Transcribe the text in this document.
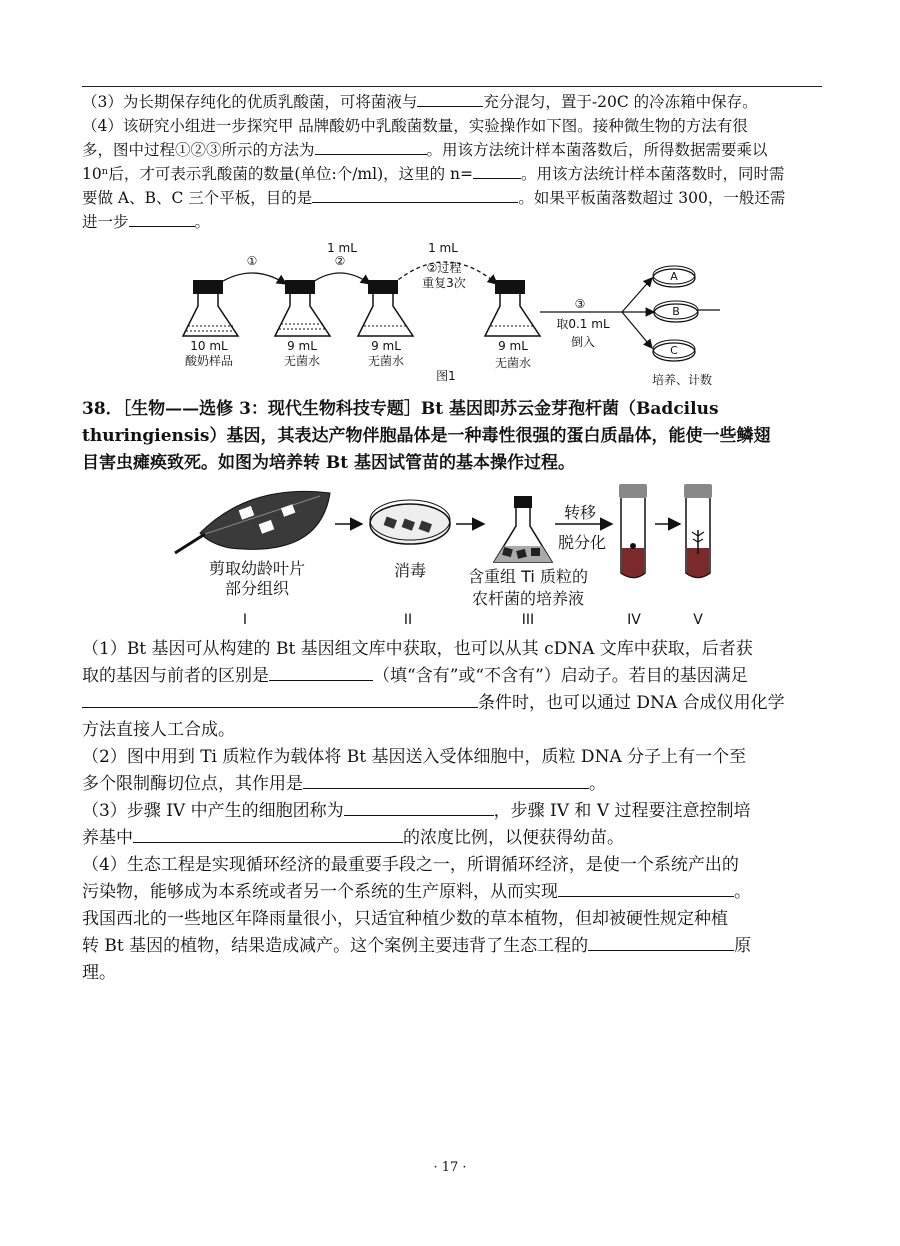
（3）为长期保存纯化的优质乳酸菌，可将菌液与	充分混匀，置于-20C 的冷冻箱中保存。
（4）该研究小组进一步探究甲 品牌酸奶中乳酸菌数量，实验操作如下图。接种微生物的方法有很
多，图中过程①②③所示的方法为	。用该方法统计样本菌落数后，所得数据需要乘以
10ⁿ后，才可表示乳酸菌的数量(单位:个/ml)，这里的 n=	。用该方法统计样本菌落数时，同时需
要做 A、B、C 三个平板，目的是	。如果平板菌落数超过 300，一般还需
进一步	。
①	②
1 mL	1 mL
②过程
重复3次
③
取0.1 mL
倒入
10 mL
酸奶样品
9 mL
无菌水
9 mL
无菌水
9 mL
无菌水
图1
A
B
C
培养、计数
38．［生物——选修 3：现代生物科技专题］Bt 基因即苏云金芽孢杆菌（Badcilus
thuringiensis）基因，其表达产物伴胞晶体是一种毒性很强的蛋白质晶体，能使一些鳞翅
目害虫瘫痪致死。如图为培养转 Bt 基因试管苗的基本操作过程。
剪取幼龄叶片
部分组织
消毒	含重组 Ti 质粒的
农杆菌的培养液
转移
脱分化
I	II	III	IV	V
（1）Bt 基因可从构建的 Bt 基因组文库中获取，也可以从其 cDNA 文库中获取，后者获
取的基因与前者的区别是	（填“含有”或“不含有”）启动子。若目的基因满足
条件时，也可以通过 DNA 合成仪用化学
方法直接人工合成。
（2）图中用到 Ti 质粒作为载体将 Bt 基因送入受体细胞中，质粒 DNA 分子上有一个至
多个限制酶切位点，其作用是	。
（3）步骤 IV 中产生的细胞团称为	，步骤 IV 和 V 过程要注意控制培
养基中	的浓度比例，以便获得幼苗。
（4）生态工程是实现循环经济的最重要手段之一，所谓循环经济，是使一个系统产出的
污染物，能够成为本系统或者另一个系统的生产原料，从而实现	。
我国西北的一些地区年降雨量很小，只适宜种植少数的草本植物，但却被硬性规定种植
转 Bt 基因的植物，结果造成减产。这个案例主要违背了生态工程的	原
理。
· 17 ·
